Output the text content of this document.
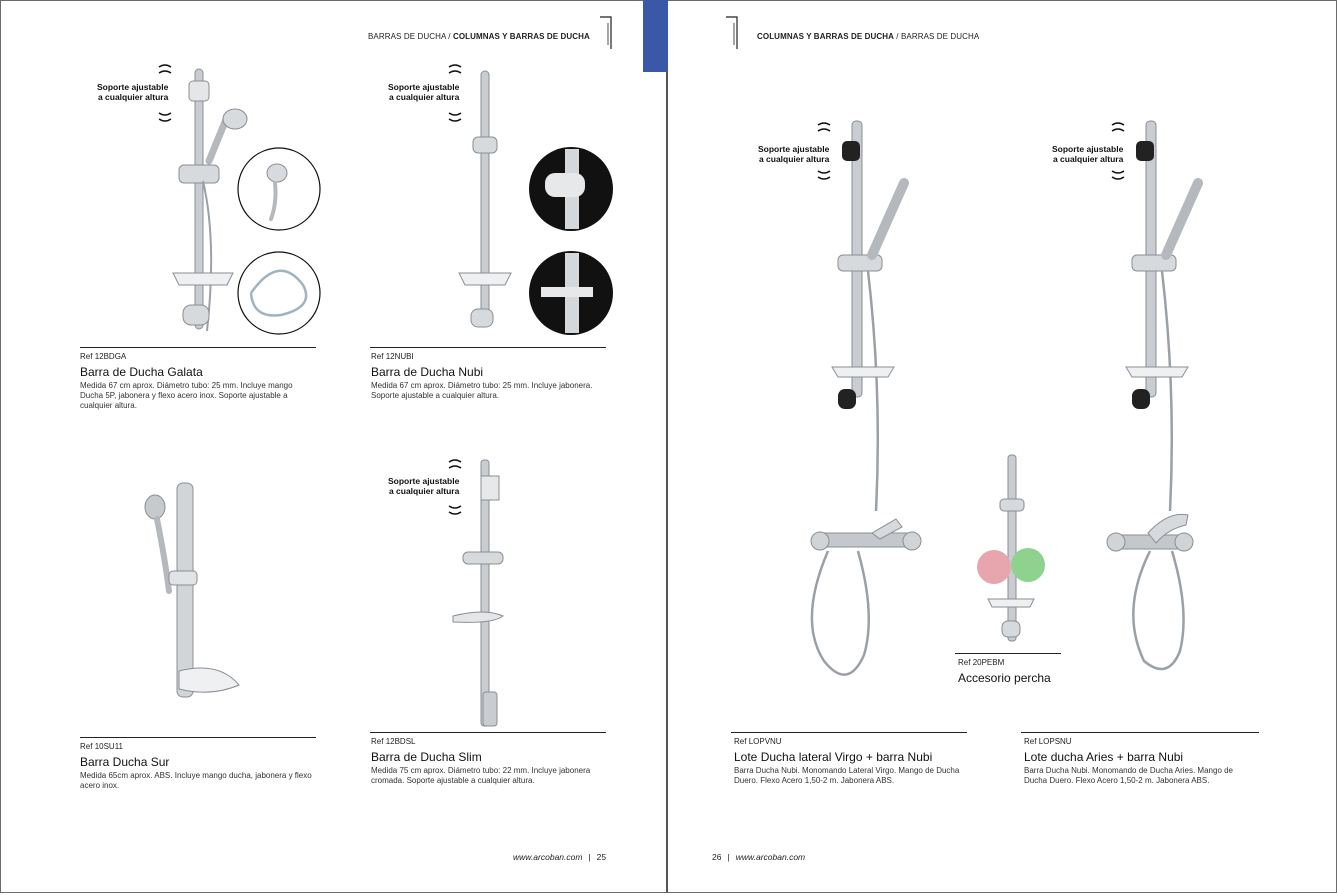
BARRAS DE DUCHA / COLUMNAS Y BARRAS DE DUCHA
Soporte ajustable
a cualquier altura
Ref 12BDGA
Barra de Ducha Galata
Medida 67 cm aprox. Diámetro tubo: 25 mm. Incluye mango Ducha 5P, jabonera y flexo acero inox. Soporte ajustable a cualquier altura.
Soporte ajustable
a cualquier altura
Ref 12NUBI
Barra de Ducha Nubi
Medida 67 cm aprox. Diámetro tubo: 25 mm. Incluye jabonera. Soporte ajustable a cualquier altura.
Ref 10SU11
Barra Ducha Sur
Medida 65cm aprox. ABS. Incluye mango ducha, jabonera y flexo acero inox.
Soporte ajustable
a cualquier altura
Ref 12BDSL
Barra de Ducha Slim
Medida 75 cm aprox. Diámetro tubo: 22 mm. Incluye jabonera cromada. Soporte ajustable a cualquier altura.
www.arcoban.com | 25
COLUMNAS Y BARRAS DE DUCHA / BARRAS DE DUCHA
Soporte ajustable
a cualquier altura
Ref LOPVNU
Lote Ducha lateral Virgo + barra Nubi
Barra Ducha Nubi. Monomando Lateral Virgo. Mango de Ducha Duero. Flexo Acero 1,50-2 m. Jabonera ABS.
Ref 20PEBM
Accesorio percha
Soporte ajustable
a cualquier altura
Ref LOPSNU
Lote ducha Aries + barra Nubi
Barra Ducha Nubi. Monomando de Ducha Aries. Mango de Ducha Duero. Flexo Acero 1,50-2 m. Jabonera ABS.
26 | www.arcoban.com
